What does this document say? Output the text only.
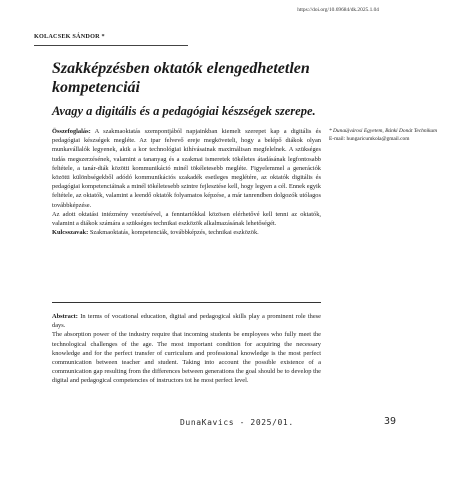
https://doi.org/10.69684/dk.2025.1.04
KOLACSEK SÁNDOR *
Szakképzésben oktatók elengedhetetlen kompetenciái
Avagy a digitális és a pedagógiai készségek szerepe.

Összefoglalás: A szakmaoktatás szempontjából napjainkban kiemelt szerepet kap a digitális és pedagógiai készségek megléte. Az ipar felvevő ereje megköveteli, hogy a belépő diákok olyan munkavállalók legyenek, akik a kor technológiai kihívásainak maximálisan megfelelnek. A szükséges tudás megszerzésének, valamint a tananyag és a szakmai ismeretek tökéletes átadásának legfontosabb feltétele, a tanár-diák közötti kommunikáció minél tökéletesebb megléte. Figyelemmel a generációk közötti különbségekből adódó kommunikációs szakadék esetleges meglétére, az oktatók digitális és pedagógiai kompetenciáinak a minél tökéletesebb szintre fejlesztése kell, hogy legyen a cél. Ennek egyik feltétele, az oktatók, valamint a leendő oktatók folyamatos képzése, a már tanrendben dolgozók utólagos továbbképzése.

Az adott oktatási intézmény vezetésével, a fenntartókkal közösen elérhetővé kell tenni az oktatók, valamint a diákok számára a szükséges technikai eszközök alkalmazásának lehetőségét.

Kulcsszavak: Szakmaoktatás, kompetenciák, továbbképzés, technikai eszközök.

* Dunaújvárosi Egyetem, Bánki Donát Technikum

E-mail: hungaricumkola@gmail.com

Abstract: In terms of vocational education, digital and pedagogical skills play a prominent role these days.

The absorption power of the industry require that incoming students be employees who fully meet the technological challenges of the age. The most important condition for acquiring the necessary knowledge and for the perfect transfer of curriculum and professional knowledge is the most perfect communication between teacher and student. Taking into account the possible existence of a communication gap resulting from the differences between generations the goal should be to develop the digital and pedagogical competencies of instructors tot he most perfect level.

DunaKavics - 2025/01.	39
